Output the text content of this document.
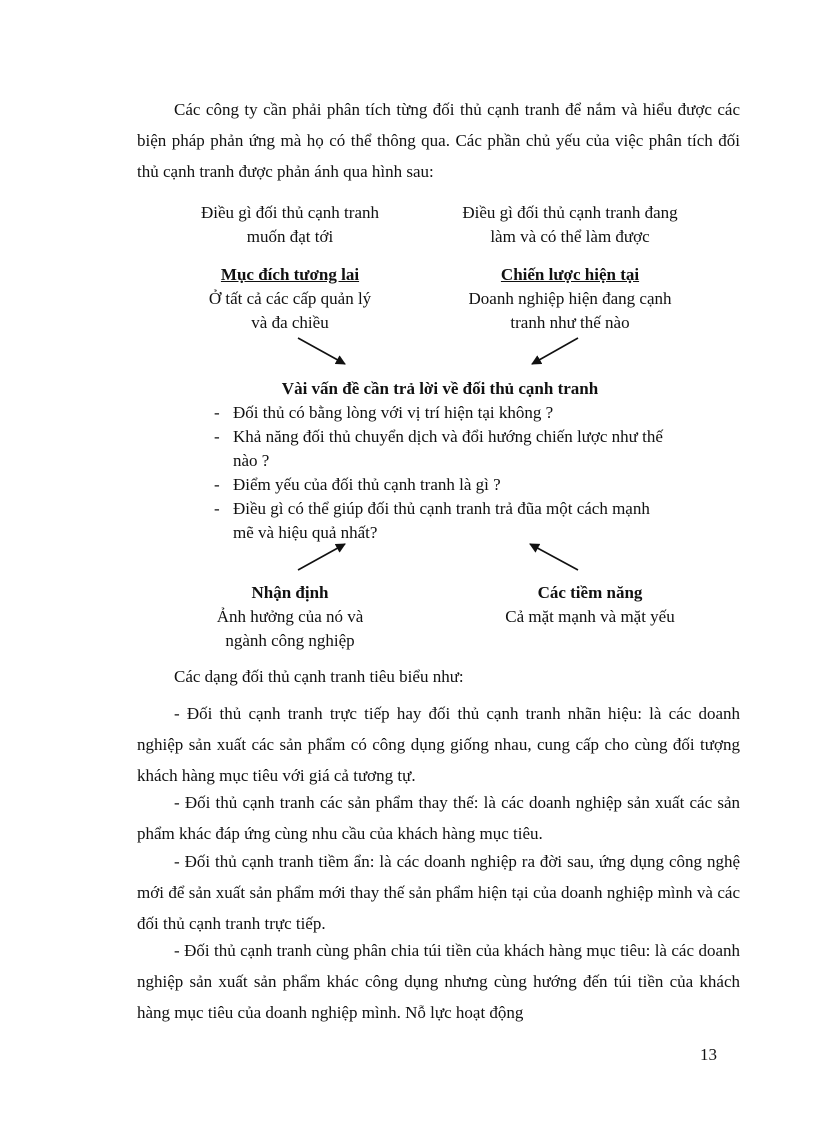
Các công ty cần phải phân tích từng đối thủ cạnh tranh để nắm và hiểu được các biện pháp phản ứng mà họ có thể thông qua. Các phần chủ yếu của việc phân tích đối thủ cạnh tranh được phản ánh qua hình sau:

Điều gì đối thủ cạnh tranh
muốn đạt tới
Mục đích tương lai
Ở tất cả các cấp quản lý
và đa chiều
Điều gì đối thủ cạnh tranh đang
làm và có thể làm được
Chiến lược hiện tại
Doanh nghiệp hiện đang cạnh
tranh như thế nào
Vài vấn đề cần trả lời về đối thủ cạnh tranh
- Đối thủ có bằng lòng với vị trí hiện tại không ?
- Khả năng đối thủ chuyển dịch và đổi hướng chiến lược như thế nào ?
- Điểm yếu của đối thủ cạnh tranh là gì ?
- Điều gì có thể giúp đối thủ cạnh tranh trả đũa một cách mạnh mẽ và hiệu quả nhất?
Nhận định
Ảnh hưởng của nó và
ngành công nghiệp
Các tiềm năng
Cả mặt mạnh và mặt yếu

Các dạng đối thủ cạnh tranh tiêu biểu như:

- Đối thủ cạnh tranh trực tiếp hay đối thủ cạnh tranh nhãn hiệu: là các doanh nghiệp sản xuất các sản phẩm có công dụng giống nhau, cung cấp cho cùng đối tượng khách hàng mục tiêu với giá cả tương tự.

- Đối thủ cạnh tranh các sản phẩm thay thế: là các doanh nghiệp sản xuất các sản phẩm khác đáp ứng cùng nhu cầu của khách hàng mục tiêu.

- Đối thủ cạnh tranh tiềm ẩn: là các doanh nghiệp ra đời sau, ứng dụng công nghệ mới để sản xuất sản phẩm mới thay thế sản phẩm hiện tại của doanh nghiệp mình và các đối thủ cạnh tranh trực tiếp.

- Đối thủ cạnh tranh cùng phân chia túi tiền của khách hàng mục tiêu: là các doanh nghiệp sản xuất sản phẩm khác công dụng nhưng cùng hướng đến túi tiền của khách hàng mục tiêu của doanh nghiệp mình. Nỗ lực hoạt động

13
